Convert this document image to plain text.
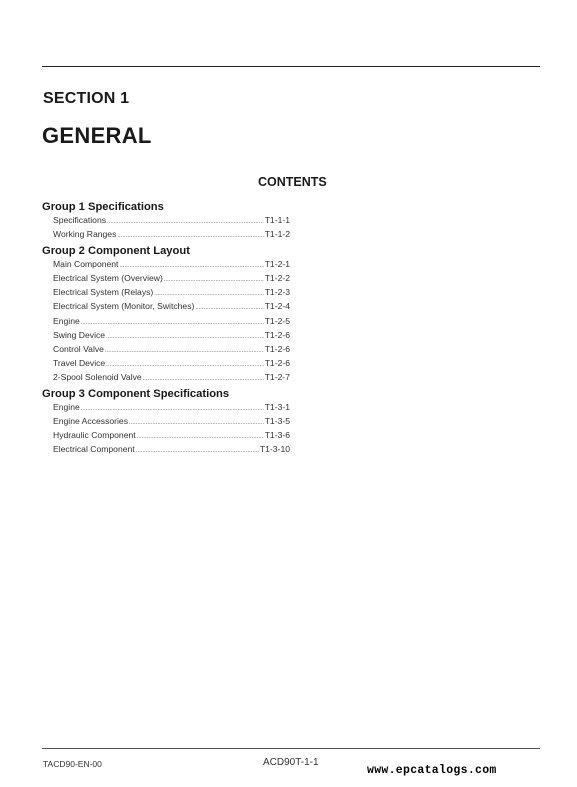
SECTION 1
GENERAL
CONTENTS
Group 1 Specifications
Specifications .....	T1-1-1
Working Ranges .....	T1-1-2
Group 2 Component Layout
Main Component .....	T1-2-1
Electrical System (Overview) .....	T1-2-2
Electrical System (Relays) .....	T1-2-3
Electrical System (Monitor, Switches) .....	T1-2-4
Engine .....	T1-2-5
Swing Device .....	T1-2-6
Control Valve .....	T1-2-6
Travel Device .....	T1-2-6
2-Spool Solenoid Valve .....	T1-2-7
Group 3 Component Specifications
Engine .....	T1-3-1
Engine Accessories .....	T1-3-5
Hydraulic Component .....	T1-3-6
Electrical Component .....	T1-3-10
TACD90-EN-00	ACD90T-1-1
www.epcatalogs.com
